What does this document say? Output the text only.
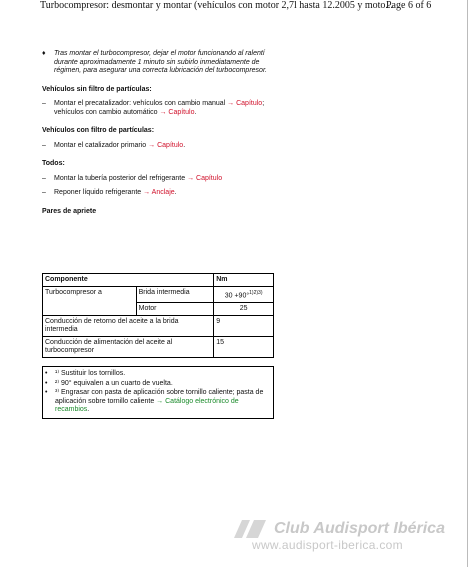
Turbocompresor: desmontar y montar (vehículos con motor 2,7l hasta 12.2005 y moto...
Page 6 of 6
♦	Tras montar el turbocompresor, dejar el motor funcionando al ralentí durante aproximadamente 1 minuto sin subirlo inmediatamente de régimen, para asegurar una correcta lubricación del turbocompresor.
Vehículos sin filtro de partículas:
–	Montar el precatalizador: vehículos con cambio manual → Capítulo; vehículos con cambio automático → Capítulo.
Vehículos con filtro de partículas:
–	Montar el catalizador primario → Capítulo.
Todos:
–	Montar la tubería posterior del refrigerante → Capítulo
–	Reponer líquido refrigerante → Anclaje.
Pares de apriete
Componente		Nm
Turbocompresor a	Brida intermedia	30 +90°$^{1)2)3)}$
	Motor	25
Conducción de retorno del aceite a la brida intermedia		9
Conducción de alimentación del aceite al turbocompresor		15
•	¹⁾ Sustituir los tornillos.
•	²⁾ 90° equivalen a un cuarto de vuelta.
•	³⁾ Engrasar con pasta de aplicación sobre tornillo caliente; pasta de aplicación sobre tornillo caliente → Catálogo electrónico de recambios.
Club Audisport Ibérica
www.audisport-iberica.com
